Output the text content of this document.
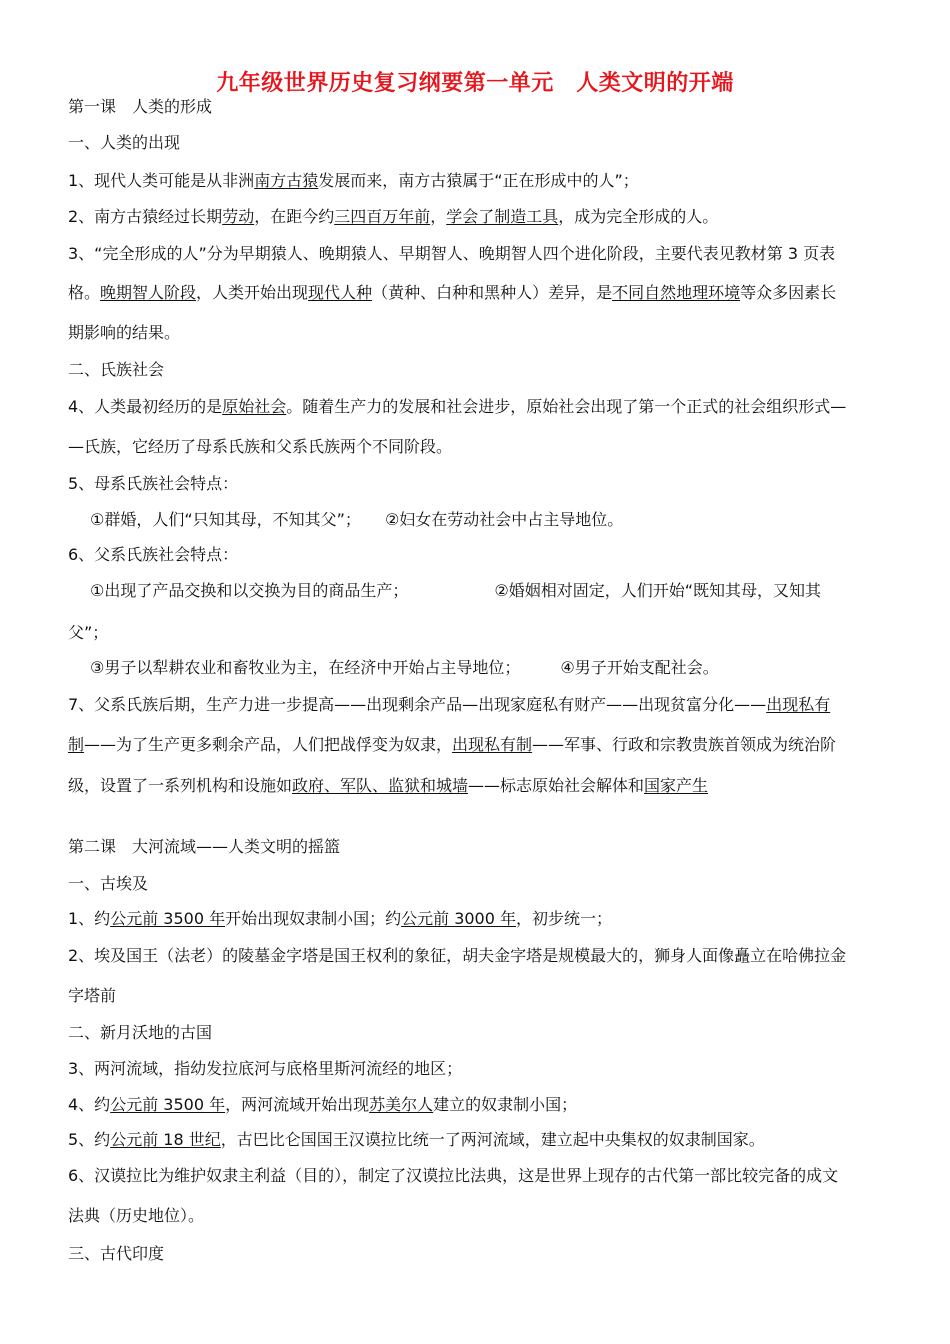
九年级世界历史复习纲要第一单元　人类文明的开端
第一课　人类的形成
一、人类的出现
1、现代人类可能是从非洲南方古猿发展而来，南方古猿属于“正在形成中的人”；
2、南方古猿经过长期劳动，在距今约三四百万年前，学会了制造工具，成为完全形成的人。
3、“完全形成的人”分为早期猿人、晚期猿人、早期智人、晚期智人四个进化阶段，主要代表见教材第 3 页表
格。晚期智人阶段，人类开始出现现代人种（黄种、白种和黑种人）差异，是不同自然地理环境等众多因素长
期影响的结果。
二、氏族社会
4、人类最初经历的是原始社会。随着生产力的发展和社会进步，原始社会出现了第一个正式的社会组织形式—
—氏族，它经历了母系氏族和父系氏族两个不同阶段。
5、母系氏族社会特点：
①群婚，人们“只知其母，不知其父”； ②妇女在劳动社会中占主导地位。
6、父系氏族社会特点：
①出现了产品交换和以交换为目的商品生产；	②婚姻相对固定，人们开始“既知其母，又知其
父”；
③男子以犁耕农业和畜牧业为主，在经济中开始占主导地位；	④男子开始支配社会。
7、父系氏族后期，生产力进一步提高——出现剩余产品—出现家庭私有财产——出现贫富分化——出现私有
制——为了生产更多剩余产品，人们把战俘变为奴隶，出现私有制——军事、行政和宗教贵族首领成为统治阶
级，设置了一系列机构和设施如政府、军队、监狱和城墙——标志原始社会解体和国家产生
第二课　大河流域——人类文明的摇篮
一、古埃及
1、约公元前 3500 年开始出现奴隶制小国；约公元前 3000 年，初步统一；
2、埃及国王（法老）的陵墓金字塔是国王权利的象征，胡夫金字塔是规模最大的，狮身人面像矗立在哈佛拉金
字塔前
二、新月沃地的古国
3、两河流域，指幼发拉底河与底格里斯河流经的地区；
4、约公元前 3500 年，两河流域开始出现苏美尔人建立的奴隶制小国；
5、约公元前 18 世纪，古巴比仑国国王汉谟拉比统一了两河流域，建立起中央集权的奴隶制国家。
6、汉谟拉比为维护奴隶主利益（目的），制定了汉谟拉比法典，这是世界上现存的古代第一部比较完备的成文
法典（历史地位）。
三、古代印度
